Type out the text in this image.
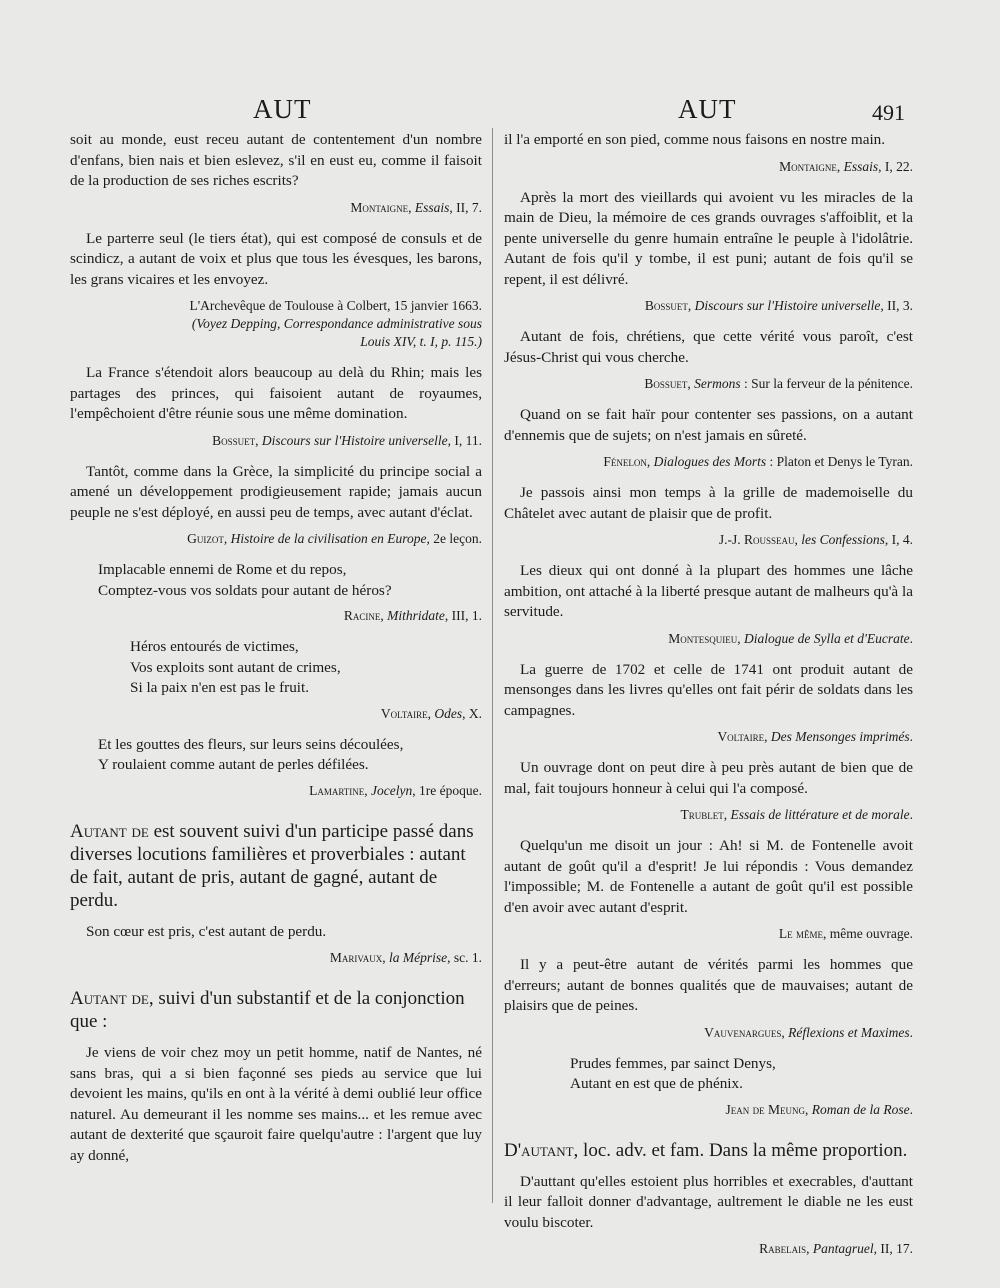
AUT	AUT	491

soit au monde, eust receu autant de contentement d'un nombre d'enfans, bien nais et bien eslevez, s'il en eust eu, comme il faisoit de la production de ses riches escrits?

Montaigne, Essais, II, 7.

Le parterre seul (le tiers état), qui est composé de consuls et de scindicz, a autant de voix et plus que tous les évesques, les barons, les grans vicaires et les envoyez.

L'Archevêque de Toulouse à Colbert, 15 janvier 1663.
(Voyez Depping, Correspondance administrative sous
Louis XIV, t. I, p. 115.)

La France s'étendoit alors beaucoup au delà du Rhin; mais les partages des princes, qui faisoient autant de royaumes, l'empêchoient d'être réunie sous une même domination.

Bossuet, Discours sur l'Histoire universelle, I, 11.

Tantôt, comme dans la Grèce, la simplicité du principe social a amené un développement prodigieusement rapide; jamais aucun peuple ne s'est déployé, en aussi peu de temps, avec autant d'éclat.

Guizot, Histoire de la civilisation en Europe, 2e leçon.
Implacable ennemi de Rome et du repos,
Comptez-vous vos soldats pour autant de héros?
Racine, Mithridate, III, 1.
Héros entourés de victimes,
Vos exploits sont autant de crimes,
Si la paix n'en est pas le fruit.
Voltaire, Odes, X.
Et les gouttes des fleurs, sur leurs seins découlées,
Y roulaient comme autant de perles défilées.
Lamartine, Jocelyn, 1re époque.
Autant de est souvent suivi d'un participe passé dans diverses locutions familières et proverbiales : autant de fait, autant de pris, autant de gagné, autant de perdu.

Son cœur est pris, c'est autant de perdu.

Marivaux, la Méprise, sc. 1.
Autant de, suivi d'un substantif et de la conjonction que :

Je viens de voir chez moy un petit homme, natif de Nantes, né sans bras, qui a si bien façonné ses pieds au service que lui devoient les mains, qu'ils en ont à la vérité à demi oublié leur office naturel. Au demeurant il les nomme ses mains... et les remue avec autant de dexterité que sçauroit faire quelqu'autre : l'argent que luy ay donné,

il l'a emporté en son pied, comme nous faisons en nostre main.

Montaigne, Essais, I, 22.

Après la mort des vieillards qui avoient vu les miracles de la main de Dieu, la mémoire de ces grands ouvrages s'affoiblit, et la pente universelle du genre humain entraîne le peuple à l'idolâtrie. Autant de fois qu'il y tombe, il est puni; autant de fois qu'il se repent, il est délivré.

Bossuet, Discours sur l'Histoire universelle, II, 3.

Autant de fois, chrétiens, que cette vérité vous paroît, c'est Jésus-Christ qui vous cherche.

Bossuet, Sermons : Sur la ferveur de la pénitence.

Quand on se fait haïr pour contenter ses passions, on a autant d'ennemis que de sujets; on n'est jamais en sûreté.

Fénelon, Dialogues des Morts : Platon et Denys le Tyran.

Je passois ainsi mon temps à la grille de mademoiselle du Châtelet avec autant de plaisir que de profit.

J.-J. Rousseau, les Confessions, I, 4.

Les dieux qui ont donné à la plupart des hommes une lâche ambition, ont attaché à la liberté presque autant de malheurs qu'à la servitude.

Montesquieu, Dialogue de Sylla et d'Eucrate.

La guerre de 1702 et celle de 1741 ont produit autant de mensonges dans les livres qu'elles ont fait périr de soldats dans les campagnes.

Voltaire, Des Mensonges imprimés.

Un ouvrage dont on peut dire à peu près autant de bien que de mal, fait toujours honneur à celui qui l'a composé.

Trublet, Essais de littérature et de morale.

Quelqu'un me disoit un jour : Ah! si M. de Fontenelle avoit autant de goût qu'il a d'esprit! Je lui répondis : Vous demandez l'impossible; M. de Fontenelle a autant de goût qu'il est possible d'en avoir avec autant d'esprit.

Le même, même ouvrage.

Il y a peut-être autant de vérités parmi les hommes que d'erreurs; autant de bonnes qualités que de mauvaises; autant de plaisirs que de peines.

Vauvenargues, Réflexions et Maximes.
Prudes femmes, par sainct Denys,
Autant en est que de phénix.
Jean de Meung, Roman de la Rose.
D'autant, loc. adv. et fam. Dans la même proportion.

D'auttant qu'elles estoient plus horribles et execrables, d'auttant il leur falloit donner d'advantage, aultrement le diable ne les eust voulu biscoter.

Rabelais, Pantagruel, II, 17.
